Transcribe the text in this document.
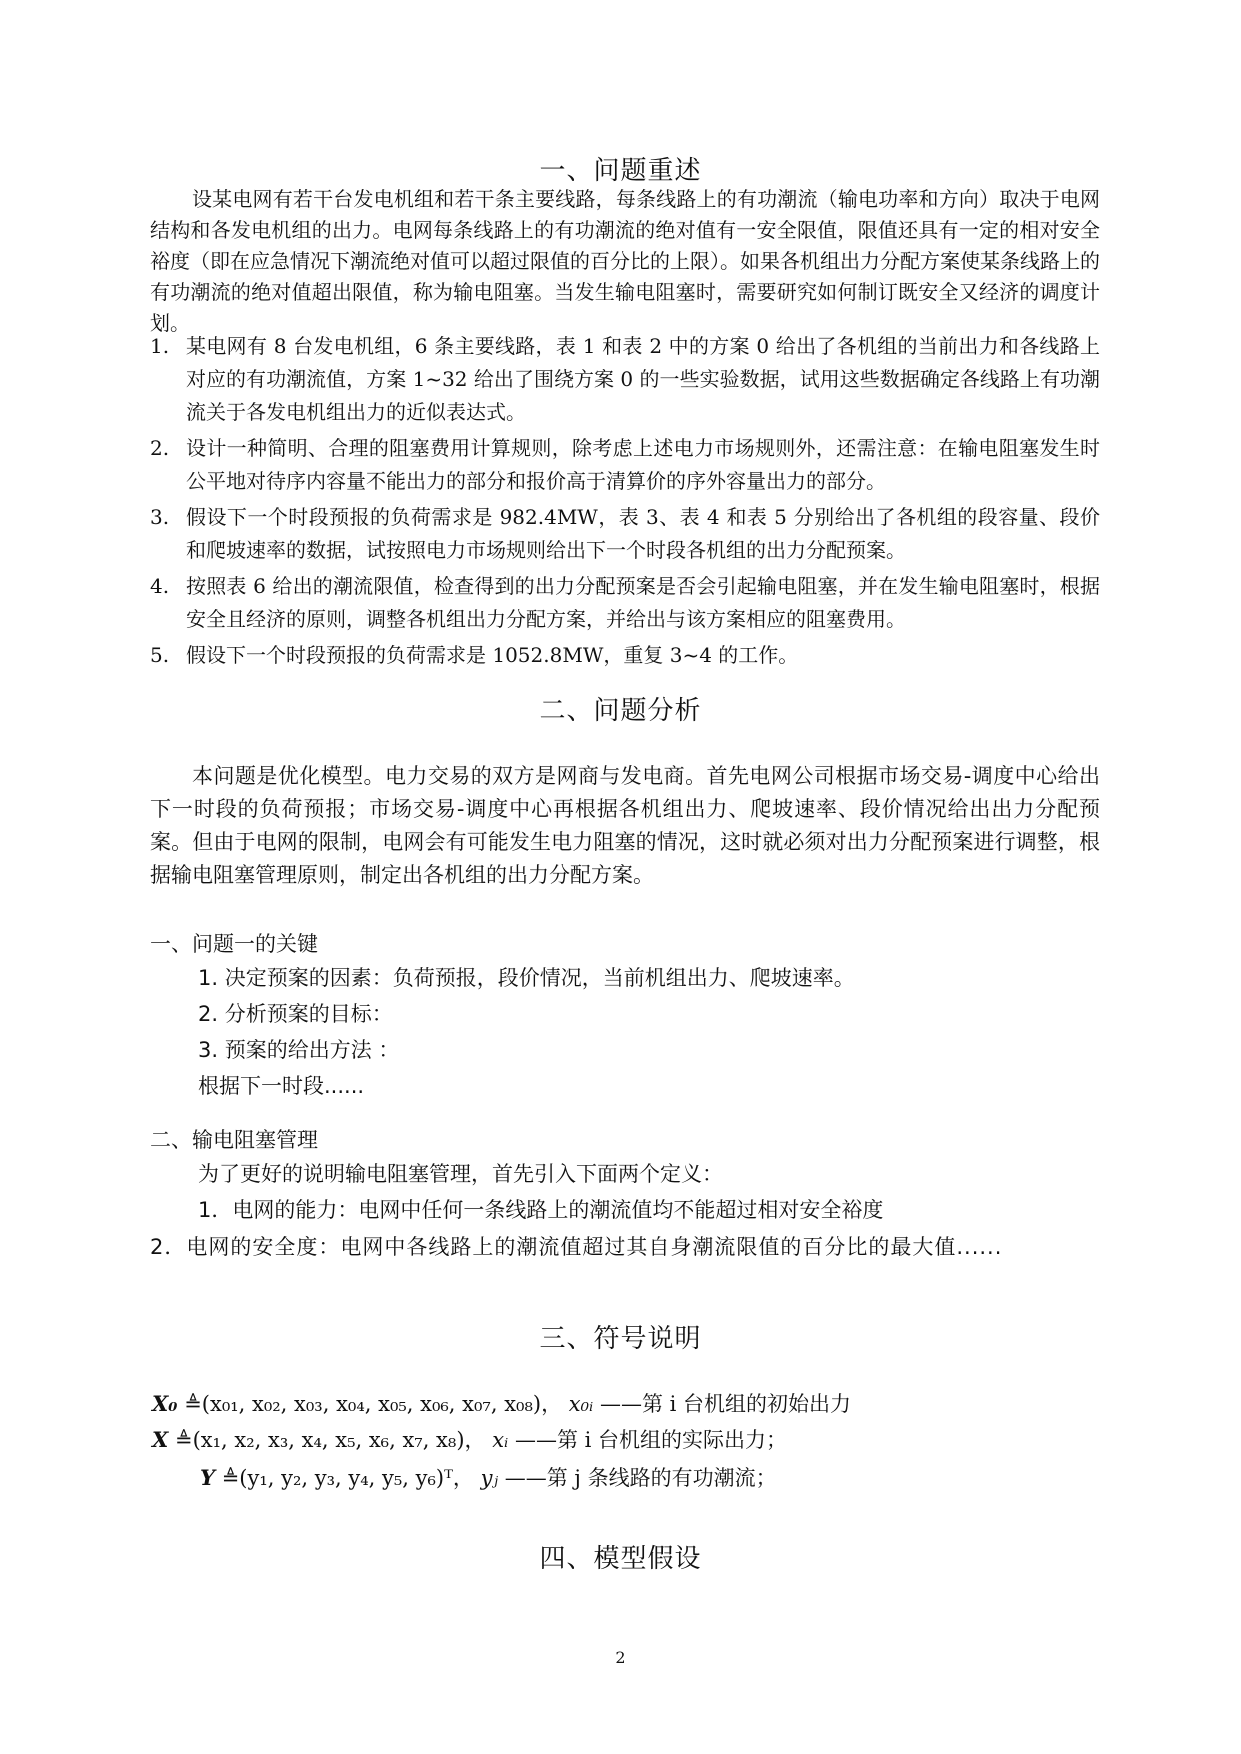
一、问题重述
设某电网有若干台发电机组和若干条主要线路，每条线路上的有功潮流（输电功率和方向）取决于电网结构和各发电机组的出力。电网每条线路上的有功潮流的绝对值有一安全限值，限值还具有一定的相对安全裕度（即在应急情况下潮流绝对值可以超过限值的百分比的上限）。如果各机组出力分配方案使某条线路上的有功潮流的绝对值超出限值，称为输电阻塞。当发生输电阻塞时，需要研究如何制订既安全又经济的调度计划。
1. 某电网有 8 台发电机组，6 条主要线路，表 1 和表 2 中的方案 0 给出了各机组的当前出力和各线路上对应的有功潮流值，方案 1~32 给出了围绕方案 0 的一些实验数据，试用这些数据确定各线路上有功潮流关于各发电机组出力的近似表达式。
2. 设计一种简明、合理的阻塞费用计算规则，除考虑上述电力市场规则外，还需注意：在输电阻塞发生时公平地对待序内容量不能出力的部分和报价高于清算价的序外容量出力的部分。
3. 假设下一个时段预报的负荷需求是 982.4MW，表 3、表 4 和表 5 分别给出了各机组的段容量、段价和爬坡速率的数据，试按照电力市场规则给出下一个时段各机组的出力分配预案。
4. 按照表 6 给出的潮流限值，检查得到的出力分配预案是否会引起输电阻塞，并在发生输电阻塞时，根据安全且经济的原则，调整各机组出力分配方案，并给出与该方案相应的阻塞费用。
5. 假设下一个时段预报的负荷需求是 1052.8MW，重复 3~4 的工作。
二、问题分析
本问题是优化模型。电力交易的双方是网商与发电商。首先电网公司根据市场交易-调度中心给出下一时段的负荷预报；市场交易-调度中心再根据各机组出力、爬坡速率、段价情况给出出力分配预案。但由于电网的限制，电网会有可能发生电力阻塞的情况，这时就必须对出力分配预案进行调整，根据输电阻塞管理原则，制定出各机组的出力分配方案。
一、问题一的关键
1. 决定预案的因素：负荷预报，段价情况，当前机组出力、爬坡速率。
2. 分析预案的目标：
3. 预案的给出方法 ：
根据下一时段......
二、输电阻塞管理
为了更好的说明输电阻塞管理，首先引入下面两个定义：
1．电网的能力：电网中任何一条线路上的潮流值均不能超过相对安全裕度
2．电网的安全度：电网中各线路上的潮流值超过其自身潮流限值的百分比的最大值......
三、符号说明
X₀ ≜(x₀₁, x₀₂, x₀₃, x₀₄, x₀₅, x₀₆, x₀₇, x₀₈)， x₀ᵢ ——第 i 台机组的初始出力
X ≜(x₁, x₂, x₃, x₄, x₅, x₆, x₇, x₈)， xᵢ ——第 i 台机组的实际出力；
Y ≜(y₁, y₂, y₃, y₄, y₅, y₆)ᵀ， yⱼ ——第 j 条线路的有功潮流；
四、模型假设
2
